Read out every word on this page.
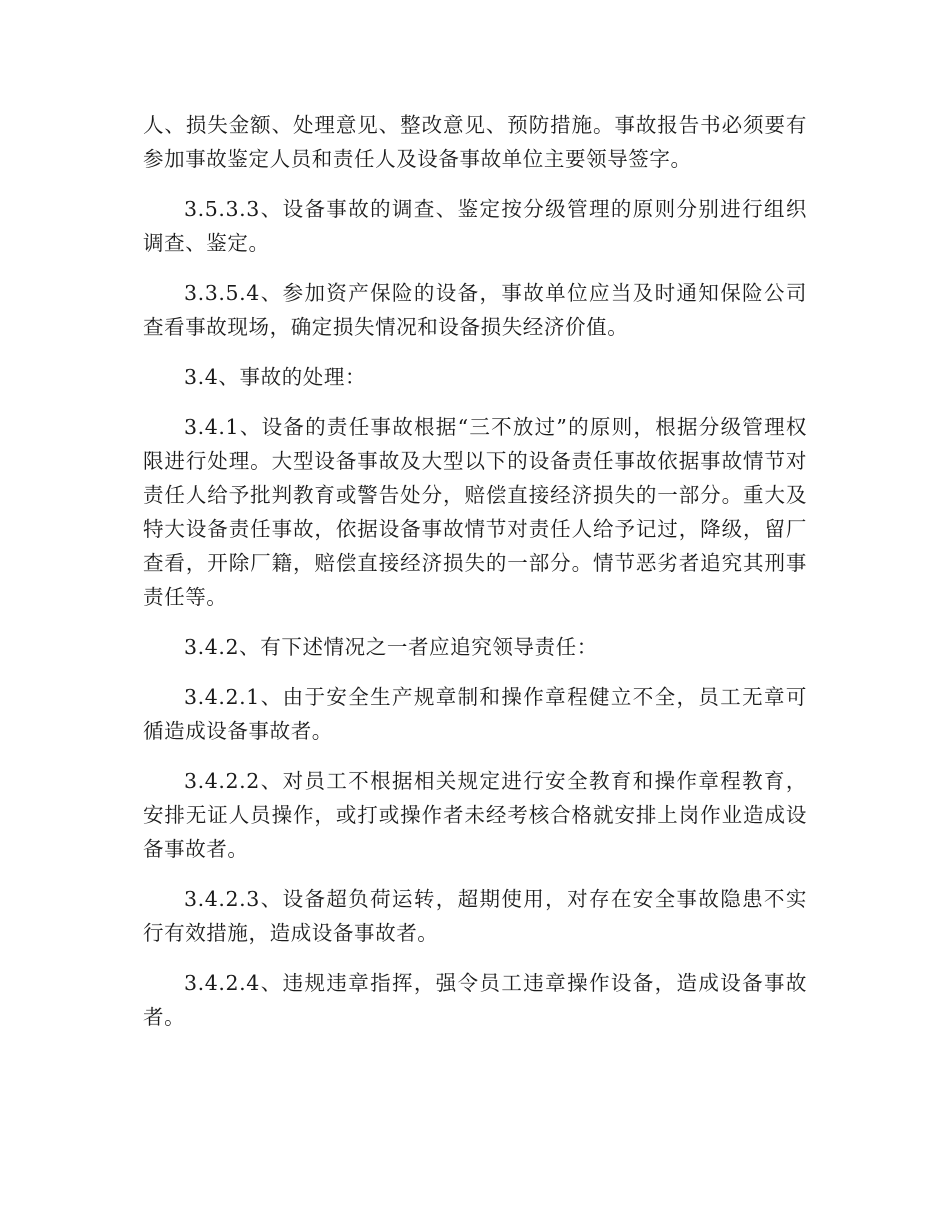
人、损失金额、处理意见、整改意见、预防措施。事故报告书必须要有参加事故鉴定人员和责任人及设备事故单位主要领导签字。

3.5.3.3、设备事故的调查、鉴定按分级管理的原则分别进行组织调查、鉴定。

3.3.5.4、参加资产保险的设备，事故单位应当及时通知保险公司查看事故现场，确定损失情况和设备损失经济价值。

3.4、事故的处理：

3.4.1、设备的责任事故根据“三不放过”的原则，根据分级管理权限进行处理。大型设备事故及大型以下的设备责任事故依据事故情节对责任人给予批判教育或警告处分，赔偿直接经济损失的一部分。重大及特大设备责任事故，依据设备事故情节对责任人给予记过，降级，留厂查看，开除厂籍，赔偿直接经济损失的一部分。情节恶劣者追究其刑事责任等。

3.4.2、有下述情况之一者应追究领导责任：

3.4.2.1、由于安全生产规章制和操作章程健立不全，员工无章可循造成设备事故者。

3.4.2.2、对员工不根据相关规定进行安全教育和操作章程教育，安排无证人员操作，或打或操作者未经考核合格就安排上岗作业造成设备事故者。

3.4.2.3、设备超负荷运转，超期使用，对存在安全事故隐患不实行有效措施，造成设备事故者。

3.4.2.4、违规违章指挥，强令员工违章操作设备，造成设备事故者。
